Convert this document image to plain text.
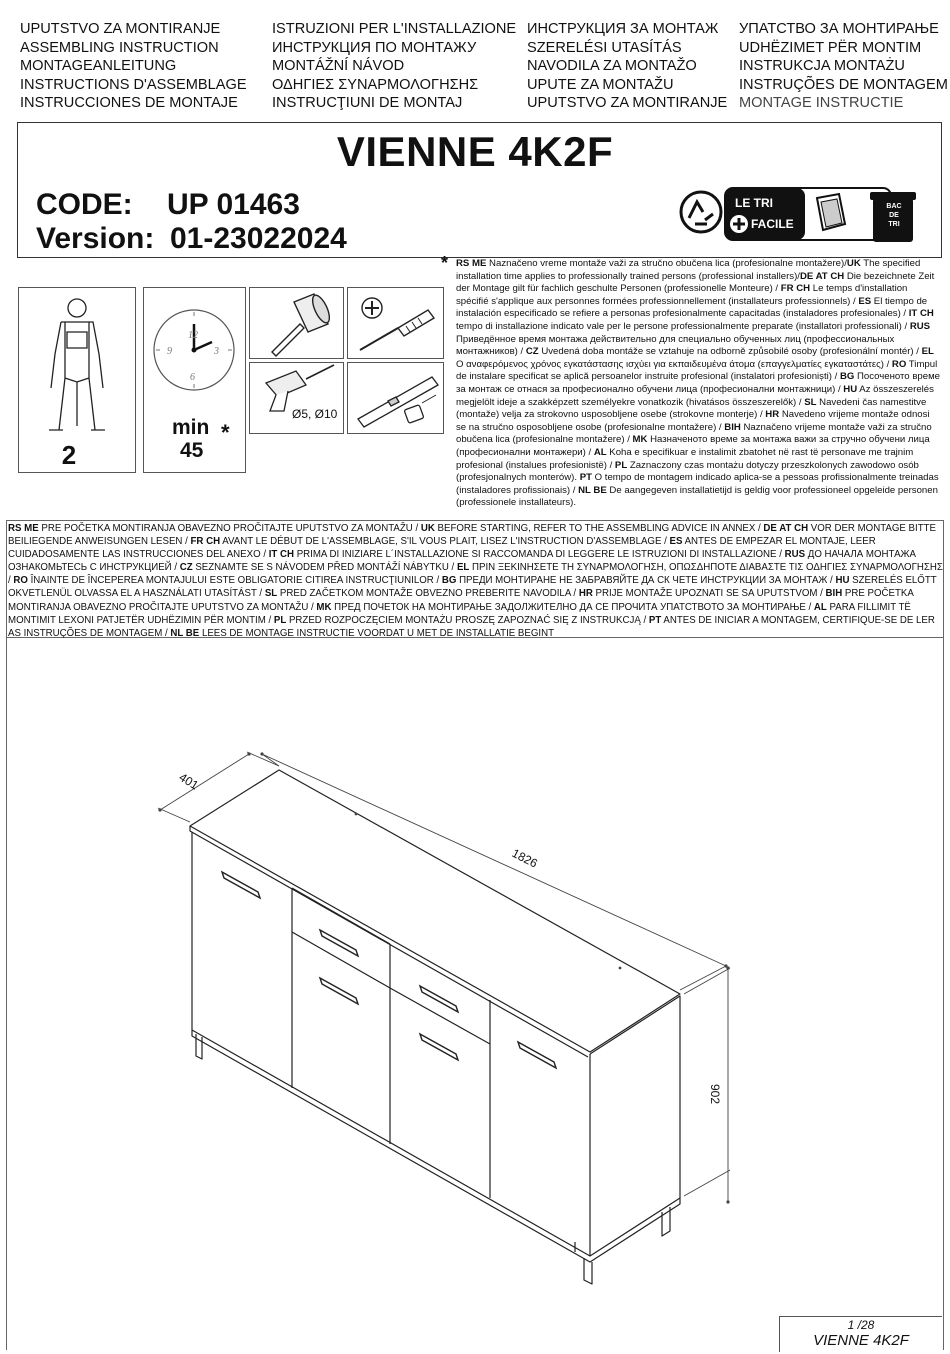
UPUTSTVO ZA MONTIRANJE
ASSEMBLING INSTRUCTION
MONTAGEANLEITUNG
INSTRUCTIONS D'ASSEMBLAGE
INSTRUCCIONES DE MONTAJE
ISTRUZIONI PER L'INSTALLAZIONE
ИНСТРУКЦИЯ ПО МОНТАЖУ
MONTÁŽNÍ NÁVOD
ΟΔΗΓΙΕΣ ΣΥΝΑΡΜΟΛΟΓΗΣΗΣ
INSTRUCŢIUNI DE MONTAJ
ИНСТРУКЦИЯ ЗА МОНТАЖ
SZERELÉSI UTASÍTÁS
NAVODILA ZA MONTAŽO
UPUTE ZA MONTAŽU
UPUTSTVO ZA MONTIRANJE
УПАТСТВО ЗА МОНТИРАЊЕ
UDHËZIMET PËR MONTIM
INSTRUKCJA MONTAŻU
INSTRUÇÕES DE MONTAGEM
MONTAGE INSTRUCTIE
VIENNE 4K2F
CODE: UP 01463
Version: 01-23022024
LE TRI
FACILE
BAC
DE
TRI
2
12
3
6
9
min *
45
Ø5, Ø10
* RS ME Naznačeno vreme montaže važi za stručno obučena lica (profesionalne montažere)/UK The specified installation time applies to professionally trained persons (professional installers)/DE AT CH Die bezeichnete Zeit der Montage gilt für fachlich geschulte Personen (professionelle Monteure) / FR CH Le temps d'installation spécifié s'applique aux personnes formées professionnellement (installateurs professionnels) / ES El tiempo de instalación especificado se refiere a personas profesionalmente capacitadas (instaladores profesionales) / IT CH tempo di installazione indicato vale per le persone professionalmente preparate (installatori professionali) / RUS Приведённое время монтажа действительно для специально обученных лиц (профессиональных монтажников) / CZ Uvedená doba montáže se vztahuje na odborně způsobilé osoby (profesionální montér) / EL Ο αναφερόμενος χρόνος εγκατάστασης ισχύει για εκπαιδευμένα άτομα (επαγγελματίες εγκαταστάτες) / RO Timpul de instalare specificat se aplică persoanelor instruite profesional (instalatori profesioniști) / BG Посоченото време за монтаж се отнася за професионално обучени лица (професионални монтажници) / HU Az összeszerelés megjelölt ideje a szakképzett személyekre vonatkozik (hivatásos összeszerelők) / SL Navedeni čas namestitve (montaže) velja za strokovno usposobljene osebe (strokovne monterje) / HR Navedeno vrijeme montaže odnosi se na stručno osposobljene osobe (profesionalne montažere) / BIH Naznačeno vrijeme montaže važi za stručno obučena lica (profesionalne montažere) / MK Назначеното време за монтажа важи за стручно обучени лица (професионални монтажери) / AL Koha e specifikuar e instalimit zbatohet në rast të personave me trajnim profesional (instalues profesionistë) / PL Zaznaczony czas montażu dotyczy przeszkolonych zawodowo osób (profesjonalnych monterów). PT O tempo de montagem indicado aplica-se a pessoas profissionalmente treinadas (instaladores profissionais) / NL BE De aangegeven installatietijd is geldig voor professioneel opgeleide personen (professionele installateurs).
RS ME PRE POČETKA MONTIRANJA OBAVEZNO PROČITAJTE UPUTSTVO ZA MONTAŽU / UK BEFORE STARTING, REFER TO THE ASSEMBLING ADVICE IN ANNEX / DE AT CH VOR DER MONTAGE BITTE BEILIEGENDE ANWEISUNGEN LESEN / FR CH AVANT LE DÉBUT DE L'ASSEMBLAGE, S'IL VOUS PLAIT, LISEZ L'INSTRUCTION D'ASSEMBLAGE / ES ANTES DE EMPEZAR EL MONTAJE, LEER CUIDADOSAMENTE LAS INSTRUCCIONES DEL ANEXO / IT CH PRIMA DI INIZIARE L´INSTALLAZIONE SI RACCOMANDA DI LEGGERE LE ISTRUZIONI DI INSTALLAZIONE / RUS ДО НАЧАЛА МОНТАЖА ОЗНАКОМЬТЕСЬ С ИНСТРУКЦИЕЙ / CZ SEZNAMTE SE S NÁVODEM PŘED MONTÁŽÍ NÁBYTKU / EL ΠΡΙΝ ΞΕΚΙΝΗΣΕΤΕ ΤΗ ΣΥΝΑΡΜΟΛΟΓΗΣΗ, ΟΠΩΣΔΗΠΟΤΕ ΔΙΑΒΑΣΤΕ ΤΙΣ ΟΔΗΓΙΕΣ ΣΥΝΑΡΜΟΛΟΓΗΣΗΣ / RO ÎNAINTE DE ÎNCEPEREA MONTAJULUI ESTE OBLIGATORIE CITIREA INSTRUCŢIUNILOR / BG ПРЕДИ МОНТИРАНЕ НЕ ЗАБРАВЯЙТЕ ДА СК ЧЕТЕ ИНСТРУКЦИИ ЗА МОНТАЖ / HU SZERELÉS ELŐTT OKVETLENÜL OLVASSA EL A HASZNÁLATI UTASÍTÁST / SL PRED ZAČETKOM MONTAŽE OBVEZNO PREBERITE NAVODILA / HR PRIJE MONTAŽE UPOZNATI SE SA UPUTSTVOM / BIH PRE POČETKA MONTIRANJA OBAVEZNO PROČITAJTE UPUTSTVO ZA MONTAŽU / MK ПРЕД ПОЧЕТОК НА МОНТИРАЊЕ ЗАДОЛЖИТЕЛНО ДА СЕ ПРОЧИТА УПАТСТВОТО ЗА МОНТИРАЊЕ / AL PARA FILLIMIT TË MONTIMIT LEXONI PATJETËR UDHËZIMIN PËR MONTIM / PL PRZED ROZPOCZĘCIEM MONTAŻU PROSZĘ ZAPOZNAĆ SIĘ Z INSTRUKCJĄ / PT ANTES DE INICIAR A MONTAGEM, CERTIFIQUE-SE DE LER AS INSTRUÇÕES DE MONTAGEM / NL BE LEES DE MONTAGE INSTRUCTIE VOORDAT U MET DE INSTALLATIE BEGINT
401
1826
902
1 /28
VIENNE 4K2F
